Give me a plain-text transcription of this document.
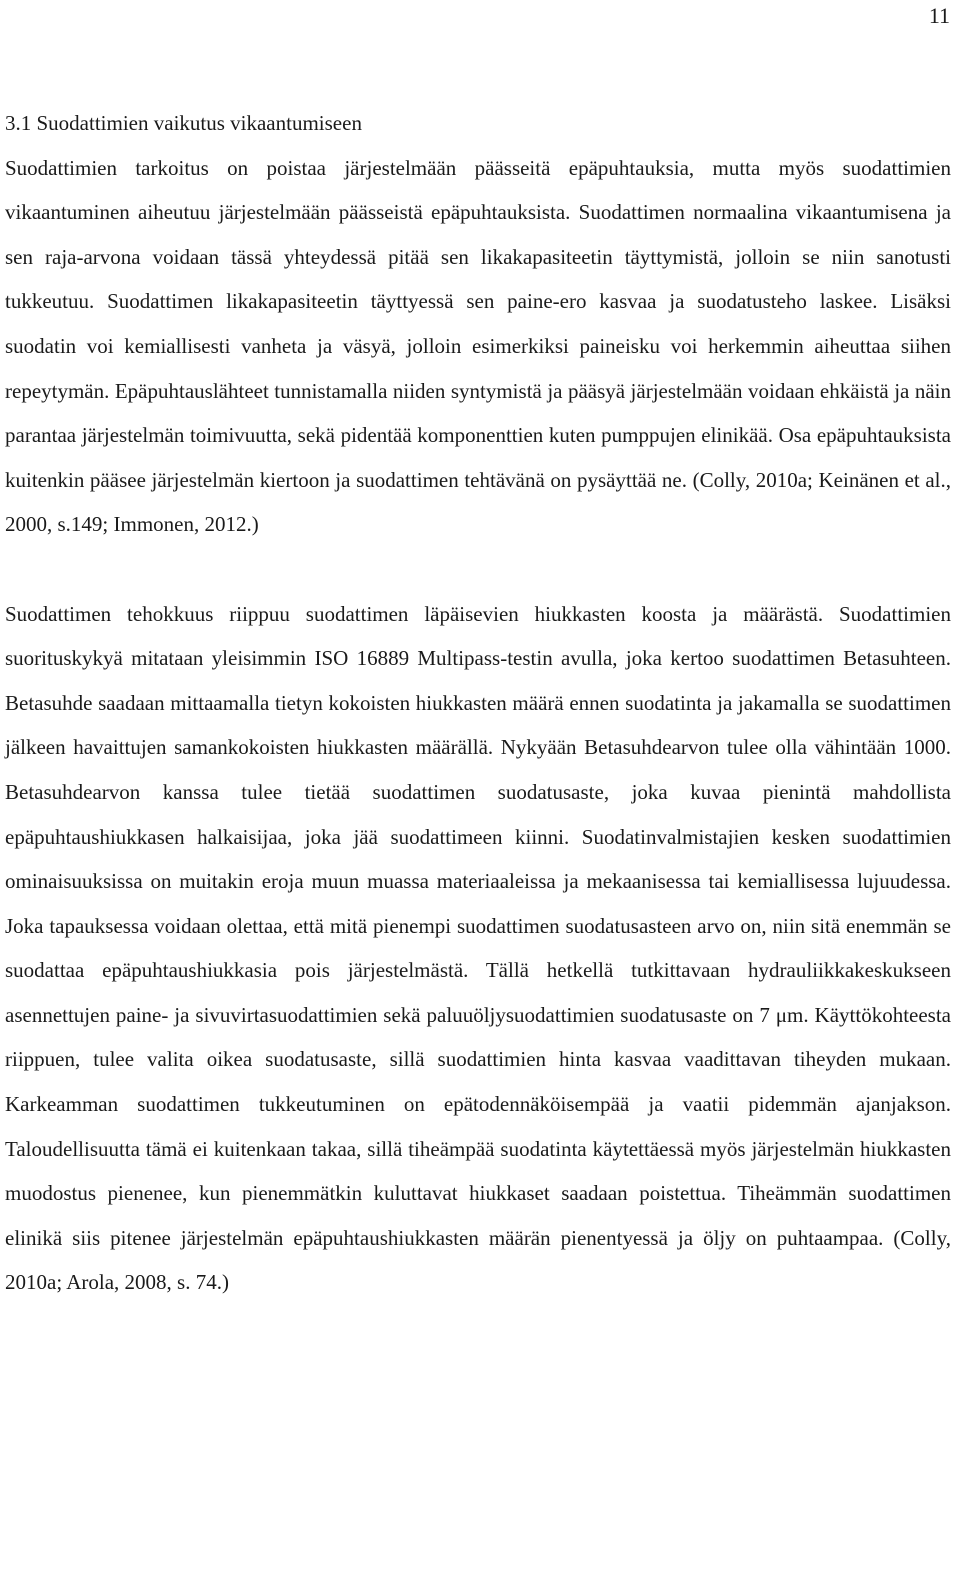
11
3.1 Suodattimien vaikutus vikaantumiseen

Suodattimien tarkoitus on poistaa järjestelmään päässeitä epäpuhtauksia, mutta myös suodattimien vikaantuminen aiheutuu järjestelmään päässeistä epäpuhtauksista. Suodattimen normaalina vikaantumisena ja sen raja-arvona voidaan tässä yhteydessä pitää sen likakapasiteetin täyttymistä, jolloin se niin sanotusti tukkeutuu. Suodattimen likakapasiteetin täyttyessä sen paine-ero kasvaa ja suodatusteho laskee. Lisäksi suodatin voi kemiallisesti vanheta ja väsyä, jolloin esimerkiksi paineisku voi herkemmin aiheuttaa siihen repeytymän. Epäpuhtauslähteet tunnistamalla niiden syntymistä ja pääsyä järjestelmään voidaan ehkäistä ja näin parantaa järjestelmän toimivuutta, sekä pidentää komponenttien kuten pumppujen elinikää. Osa epäpuhtauksista kuitenkin pääsee järjestelmän kiertoon ja suodattimen tehtävänä on pysäyttää ne. (Colly, 2010a; Keinänen et al., 2000, s.149; Immonen, 2012.)

Suodattimen tehokkuus riippuu suodattimen läpäisevien hiukkasten koosta ja määrästä. Suodattimien suorituskykyä mitataan yleisimmin ISO 16889 Multipass-testin avulla, joka kertoo suodattimen Betasuhteen. Betasuhde saadaan mittaamalla tietyn kokoisten hiukkasten määrä ennen suodatinta ja jakamalla se suodattimen jälkeen havaittujen samankokoisten hiukkasten määrällä. Nykyään Betasuhdearvon tulee olla vähintään 1000. Betasuhdearvon kanssa tulee tietää suodattimen suodatusaste, joka kuvaa pienintä mahdollista epäpuhtaushiukkasen halkaisijaa, joka jää suodattimeen kiinni. Suodatinvalmistajien kesken suodattimien ominaisuuksissa on muitakin eroja muun muassa materiaaleissa ja mekaanisessa tai kemiallisessa lujuudessa. Joka tapauksessa voidaan olettaa, että mitä pienempi suodattimen suodatusasteen arvo on, niin sitä enemmän se suodattaa epäpuhtaushiukkasia pois järjestelmästä. Tällä hetkellä tutkittavaan hydrauliikkakeskukseen asennettujen paine- ja sivuvirtasuodattimien sekä paluuöljysuodattimien suodatusaste on 7 μm. Käyttökohteesta riippuen, tulee valita oikea suodatusaste, sillä suodattimien hinta kasvaa vaadittavan tiheyden mukaan. Karkeamman suodattimen tukkeutuminen on epätodennäköisempää ja vaatii pidemmän ajanjakson. Taloudellisuutta tämä ei kuitenkaan takaa, sillä tiheämpää suodatinta käytettäessä myös järjestelmän hiukkasten muodostus pienenee, kun pienemmätkin kuluttavat hiukkaset saadaan poistettua. Tiheämmän suodattimen elinikä siis pitenee järjestelmän epäpuhtaushiukkasten määrän pienentyessä ja öljy on puhtaampaa. (Colly, 2010a; Arola, 2008, s. 74.)
